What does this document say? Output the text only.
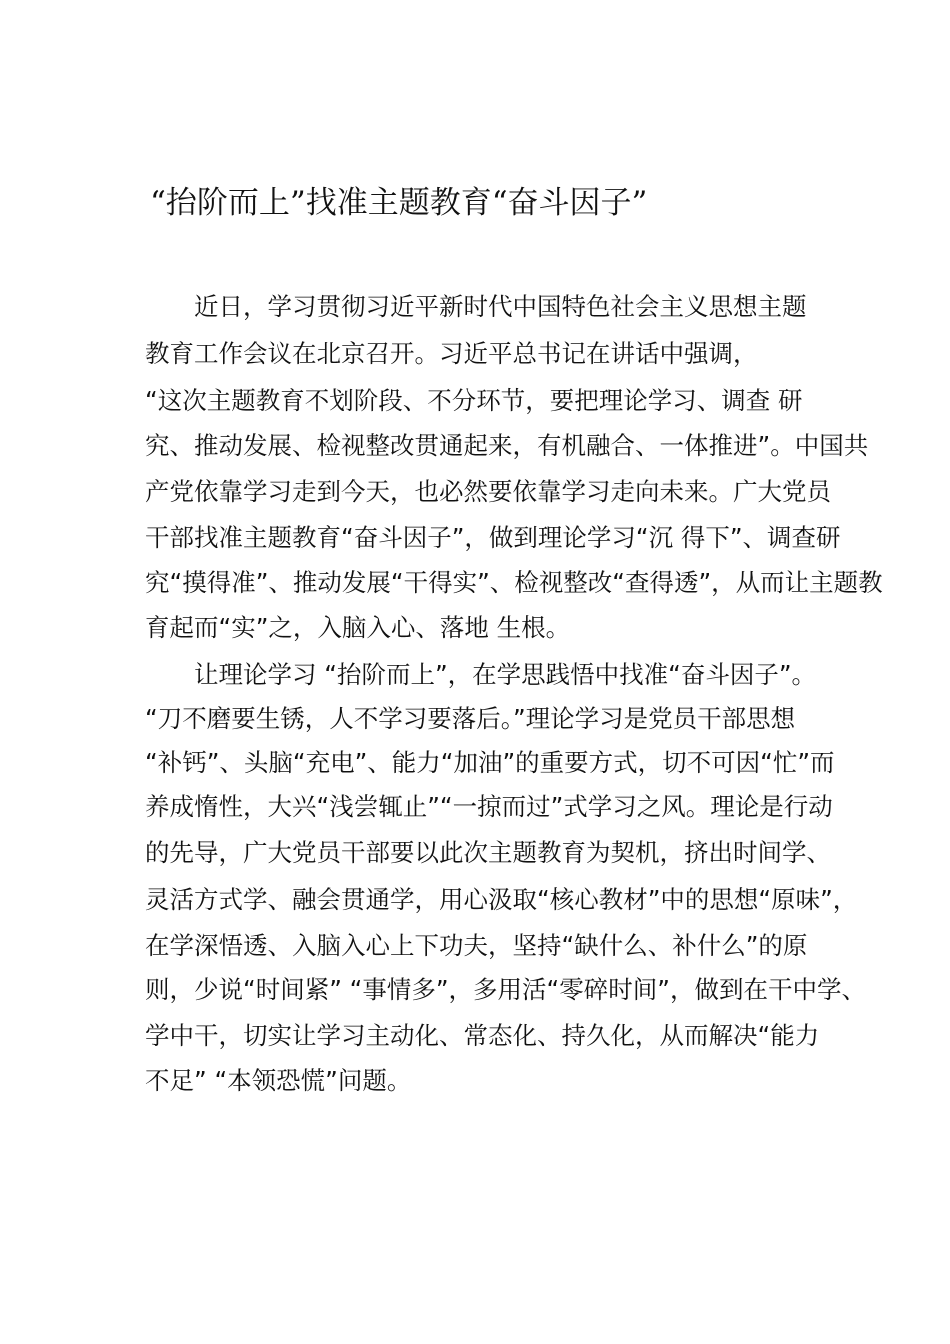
“抬阶而上”找准主题教育“奋斗因子”
近日，学习贯彻习近平新时代中国特色社会主义思想主题
教育工作会议在北京召开。习近平总书记在讲话中强调，
“这次主题教育不划阶段、不分环节，要把理论学习、调查 研
究、推动发展、检视整改贯通起来，有机融合、一体推进”。中国共
产党依靠学习走到今天，也必然要依靠学习走向未来。广大党员
干部找准主题教育“奋斗因子”，做到理论学习“沉 得下”、调查研
究“摸得准”、推动发展“干得实”、检视整改“查得透”，从而让主题教
育起而“实”之，入脑入心、落地 生根。
让理论学习 “抬阶而上”，在学思践悟中找准“奋斗因子”。
“刀不磨要生锈，人不学习要落后。”理论学习是党员干部思想
“补钙”、头脑“充电”、能力“加油”的重要方式，切不可因“忙”而
养成惰性，大兴“浅尝辄止”“一掠而过”式学习之风。理论是行动
的先导，广大党员干部要以此次主题教育为契机，挤出时间学、
灵活方式学、融会贯通学，用心汲取“核心教材”中的思想“原味”，
在学深悟透、入脑入心上下功夫，坚持“缺什么、补什么”的原
则，少说“时间紧” “事情多”，多用活“零碎时间”，做到在干中学、
学中干，切实让学习主动化、常态化、持久化，从而解决“能力
不足” “本领恐慌”问题。
